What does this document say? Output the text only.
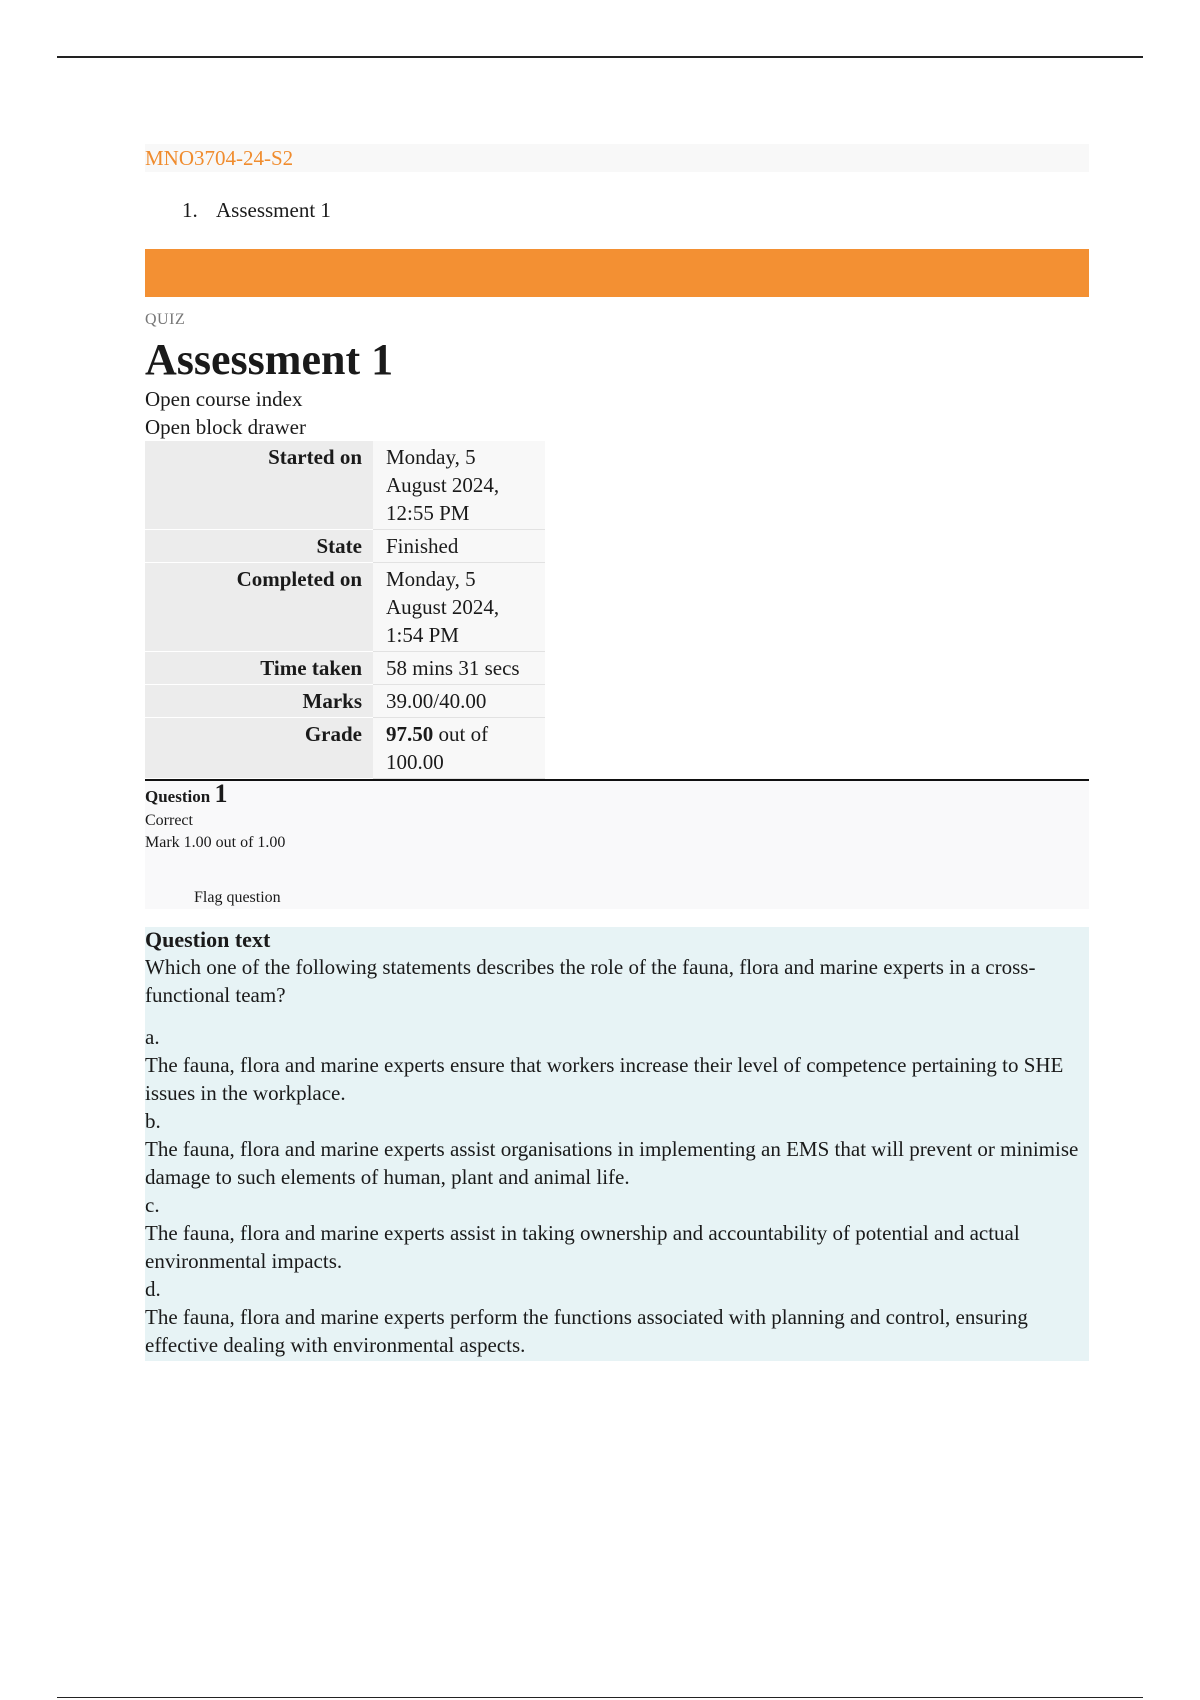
MNO3704-24-S2
1. Assessment 1
QUIZ
Assessment 1
Open course index
Open block drawer
Started on	Monday, 5 August 2024, 12:55 PM
State	Finished
Completed on	Monday, 5 August 2024, 1:54 PM
Time taken	58 mins 31 secs
Marks	39.00/40.00
Grade	97.50 out of 100.00
Question 1
Correct
Mark 1.00 out of 1.00
Flag question
Question text

Which one of the following statements describes the role of the fauna, flora and marine experts in a cross-functional team?

a.
The fauna, flora and marine experts ensure that workers increase their level of competence pertaining to SHE issues in the workplace.
b.
The fauna, flora and marine experts assist organisations in implementing an EMS that will prevent or minimise damage to such elements of human, plant and animal life.
c.
The fauna, flora and marine experts assist in taking ownership and accountability of potential and actual environmental impacts.
d.
The fauna, flora and marine experts perform the functions associated with planning and control, ensuring effective dealing with environmental aspects.
